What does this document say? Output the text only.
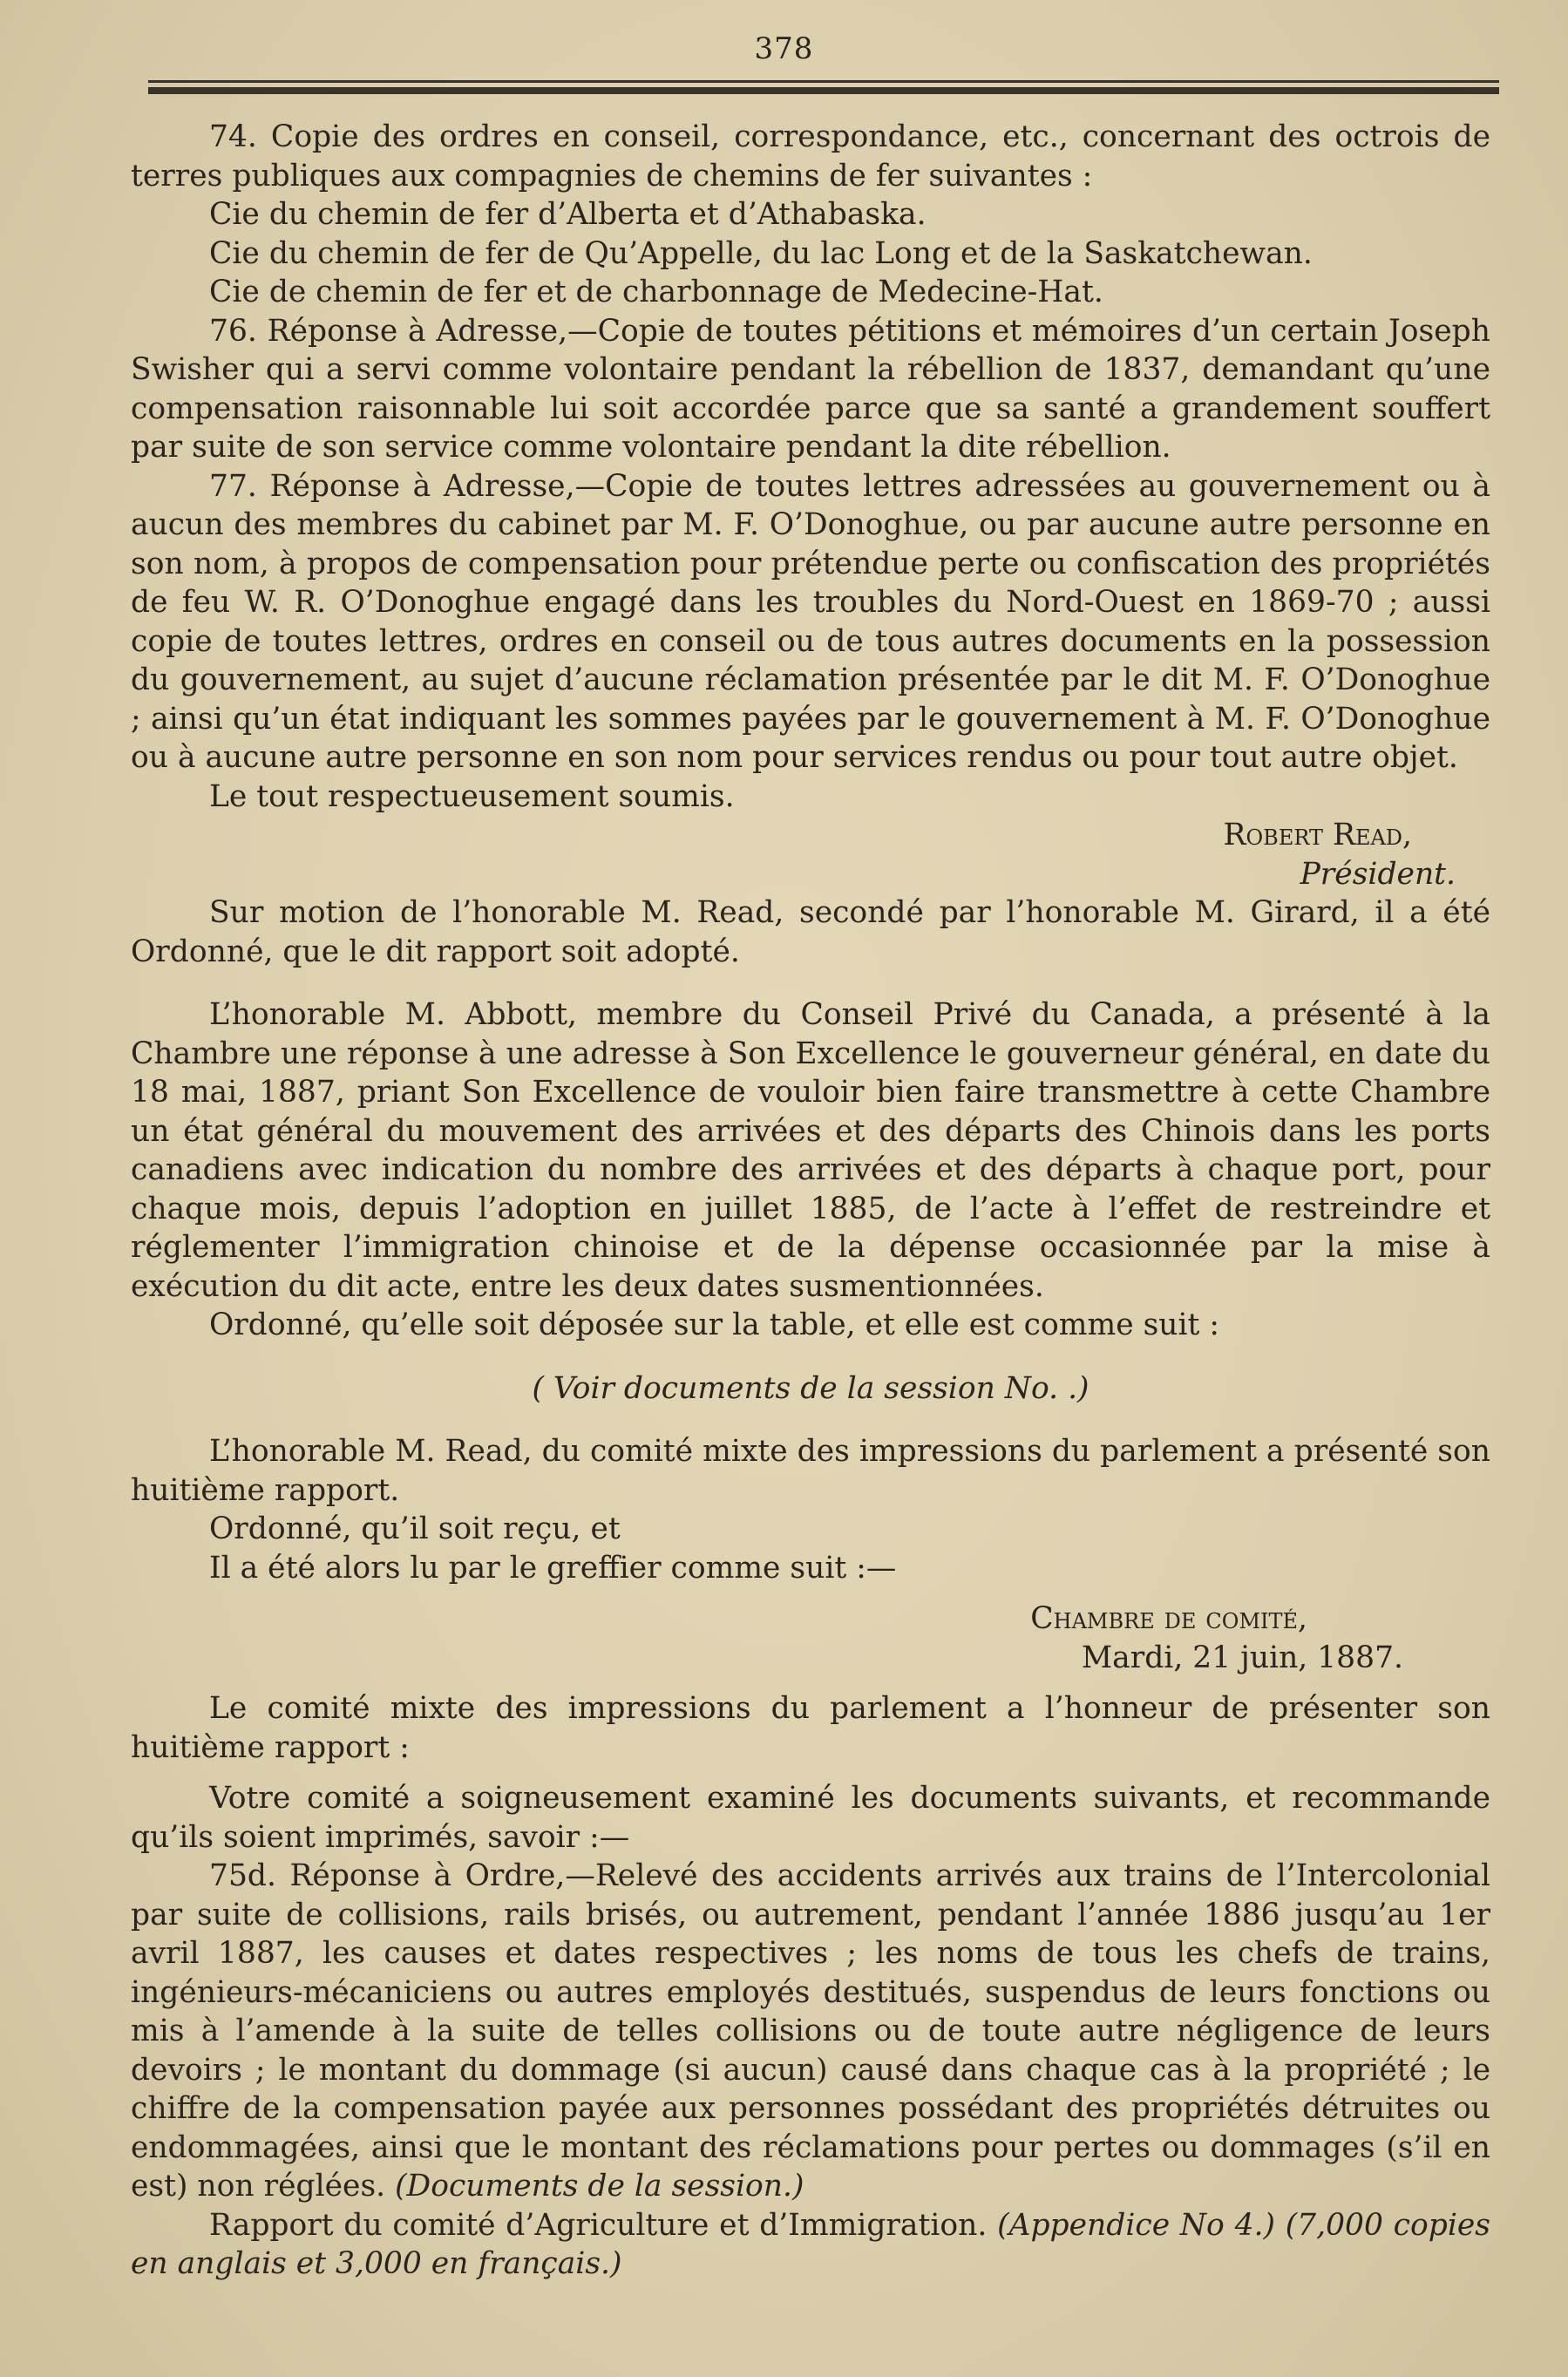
378

74. Copie des ordres en conseil, correspondance, etc., concernant des octrois de terres publiques aux compagnies de chemins de fer suivantes :

Cie du chemin de fer d’Alberta et d’Athabaska.

Cie du chemin de fer de Qu’Appelle, du lac Long et de la Saskatchewan.

Cie de chemin de fer et de charbonnage de Medecine-Hat.

76. Réponse à Adresse,—Copie de toutes pétitions et mémoires d’un certain Joseph Swisher qui a servi comme volontaire pendant la rébellion de 1837, demandant qu’une compensation raisonnable lui soit accordée parce que sa santé a grandement souffert par suite de son service comme volontaire pendant la dite rébellion.

77. Réponse à Adresse,—Copie de toutes lettres adressées au gouvernement ou à aucun des membres du cabinet par M. F. O’Donoghue, ou par aucune autre personne en son nom, à propos de compensation pour prétendue perte ou confiscation des propriétés de feu W. R. O’Donoghue engagé dans les troubles du Nord-Ouest en 1869-70 ; aussi copie de toutes lettres, ordres en conseil ou de tous autres documents en la possession du gouvernement, au sujet d’aucune réclamation présentée par le dit M. F. O’Donoghue ; ainsi qu’un état indiquant les sommes payées par le gouvernement à M. F. O’Donoghue ou à aucune autre personne en son nom pour services rendus ou pour tout autre objet.

Le tout respectueusement soumis.

Robert Read,

Président.

Sur motion de l’honorable M. Read, secondé par l’honorable M. Girard, il a été Ordonné, que le dit rapport soit adopté.

L’honorable M. Abbott, membre du Conseil Privé du Canada, a présenté à la Chambre une réponse à une adresse à Son Excellence le gouverneur général, en date du 18 mai, 1887, priant Son Excellence de vouloir bien faire transmettre à cette Chambre un état général du mouvement des arrivées et des départs des Chinois dans les ports canadiens avec indication du nombre des arrivées et des départs à chaque port, pour chaque mois, depuis l’adoption en juillet 1885, de l’acte à l’effet de restreindre et réglementer l’immigration chinoise et de la dépense occasionnée par la mise à exécution du dit acte, entre les deux dates susmentionnées.

Ordonné, qu’elle soit déposée sur la table, et elle est comme suit :

( Voir documents de la session No. .)

L’honorable M. Read, du comité mixte des impressions du parlement a présenté son huitième rapport.

Ordonné, qu’il soit reçu, et

Il a été alors lu par le greffier comme suit :—

Chambre de comité,

Mardi, 21 juin, 1887.

Le comité mixte des impressions du parlement a l’honneur de présenter son huitième rapport :

Votre comité a soigneusement examiné les documents suivants, et recommande qu’ils soient imprimés, savoir :—

75d. Réponse à Ordre,—Relevé des accidents arrivés aux trains de l’Intercolonial par suite de collisions, rails brisés, ou autrement, pendant l’année 1886 jusqu’au 1er avril 1887, les causes et dates respectives ; les noms de tous les chefs de trains, ingénieurs-mécaniciens ou autres employés destitués, suspendus de leurs fonctions ou mis à l’amende à la suite de telles collisions ou de toute autre négligence de leurs devoirs ; le montant du dommage (si aucun) causé dans chaque cas à la propriété ; le chiffre de la compensation payée aux personnes possédant des propriétés détruites ou endommagées, ainsi que le montant des réclamations pour pertes ou dommages (s’il en est) non réglées. (Documents de la session.)

Rapport du comité d’Agriculture et d’Immigration. (Appendice No 4.) (7,000 copies en anglais et 3,000 en français.)
